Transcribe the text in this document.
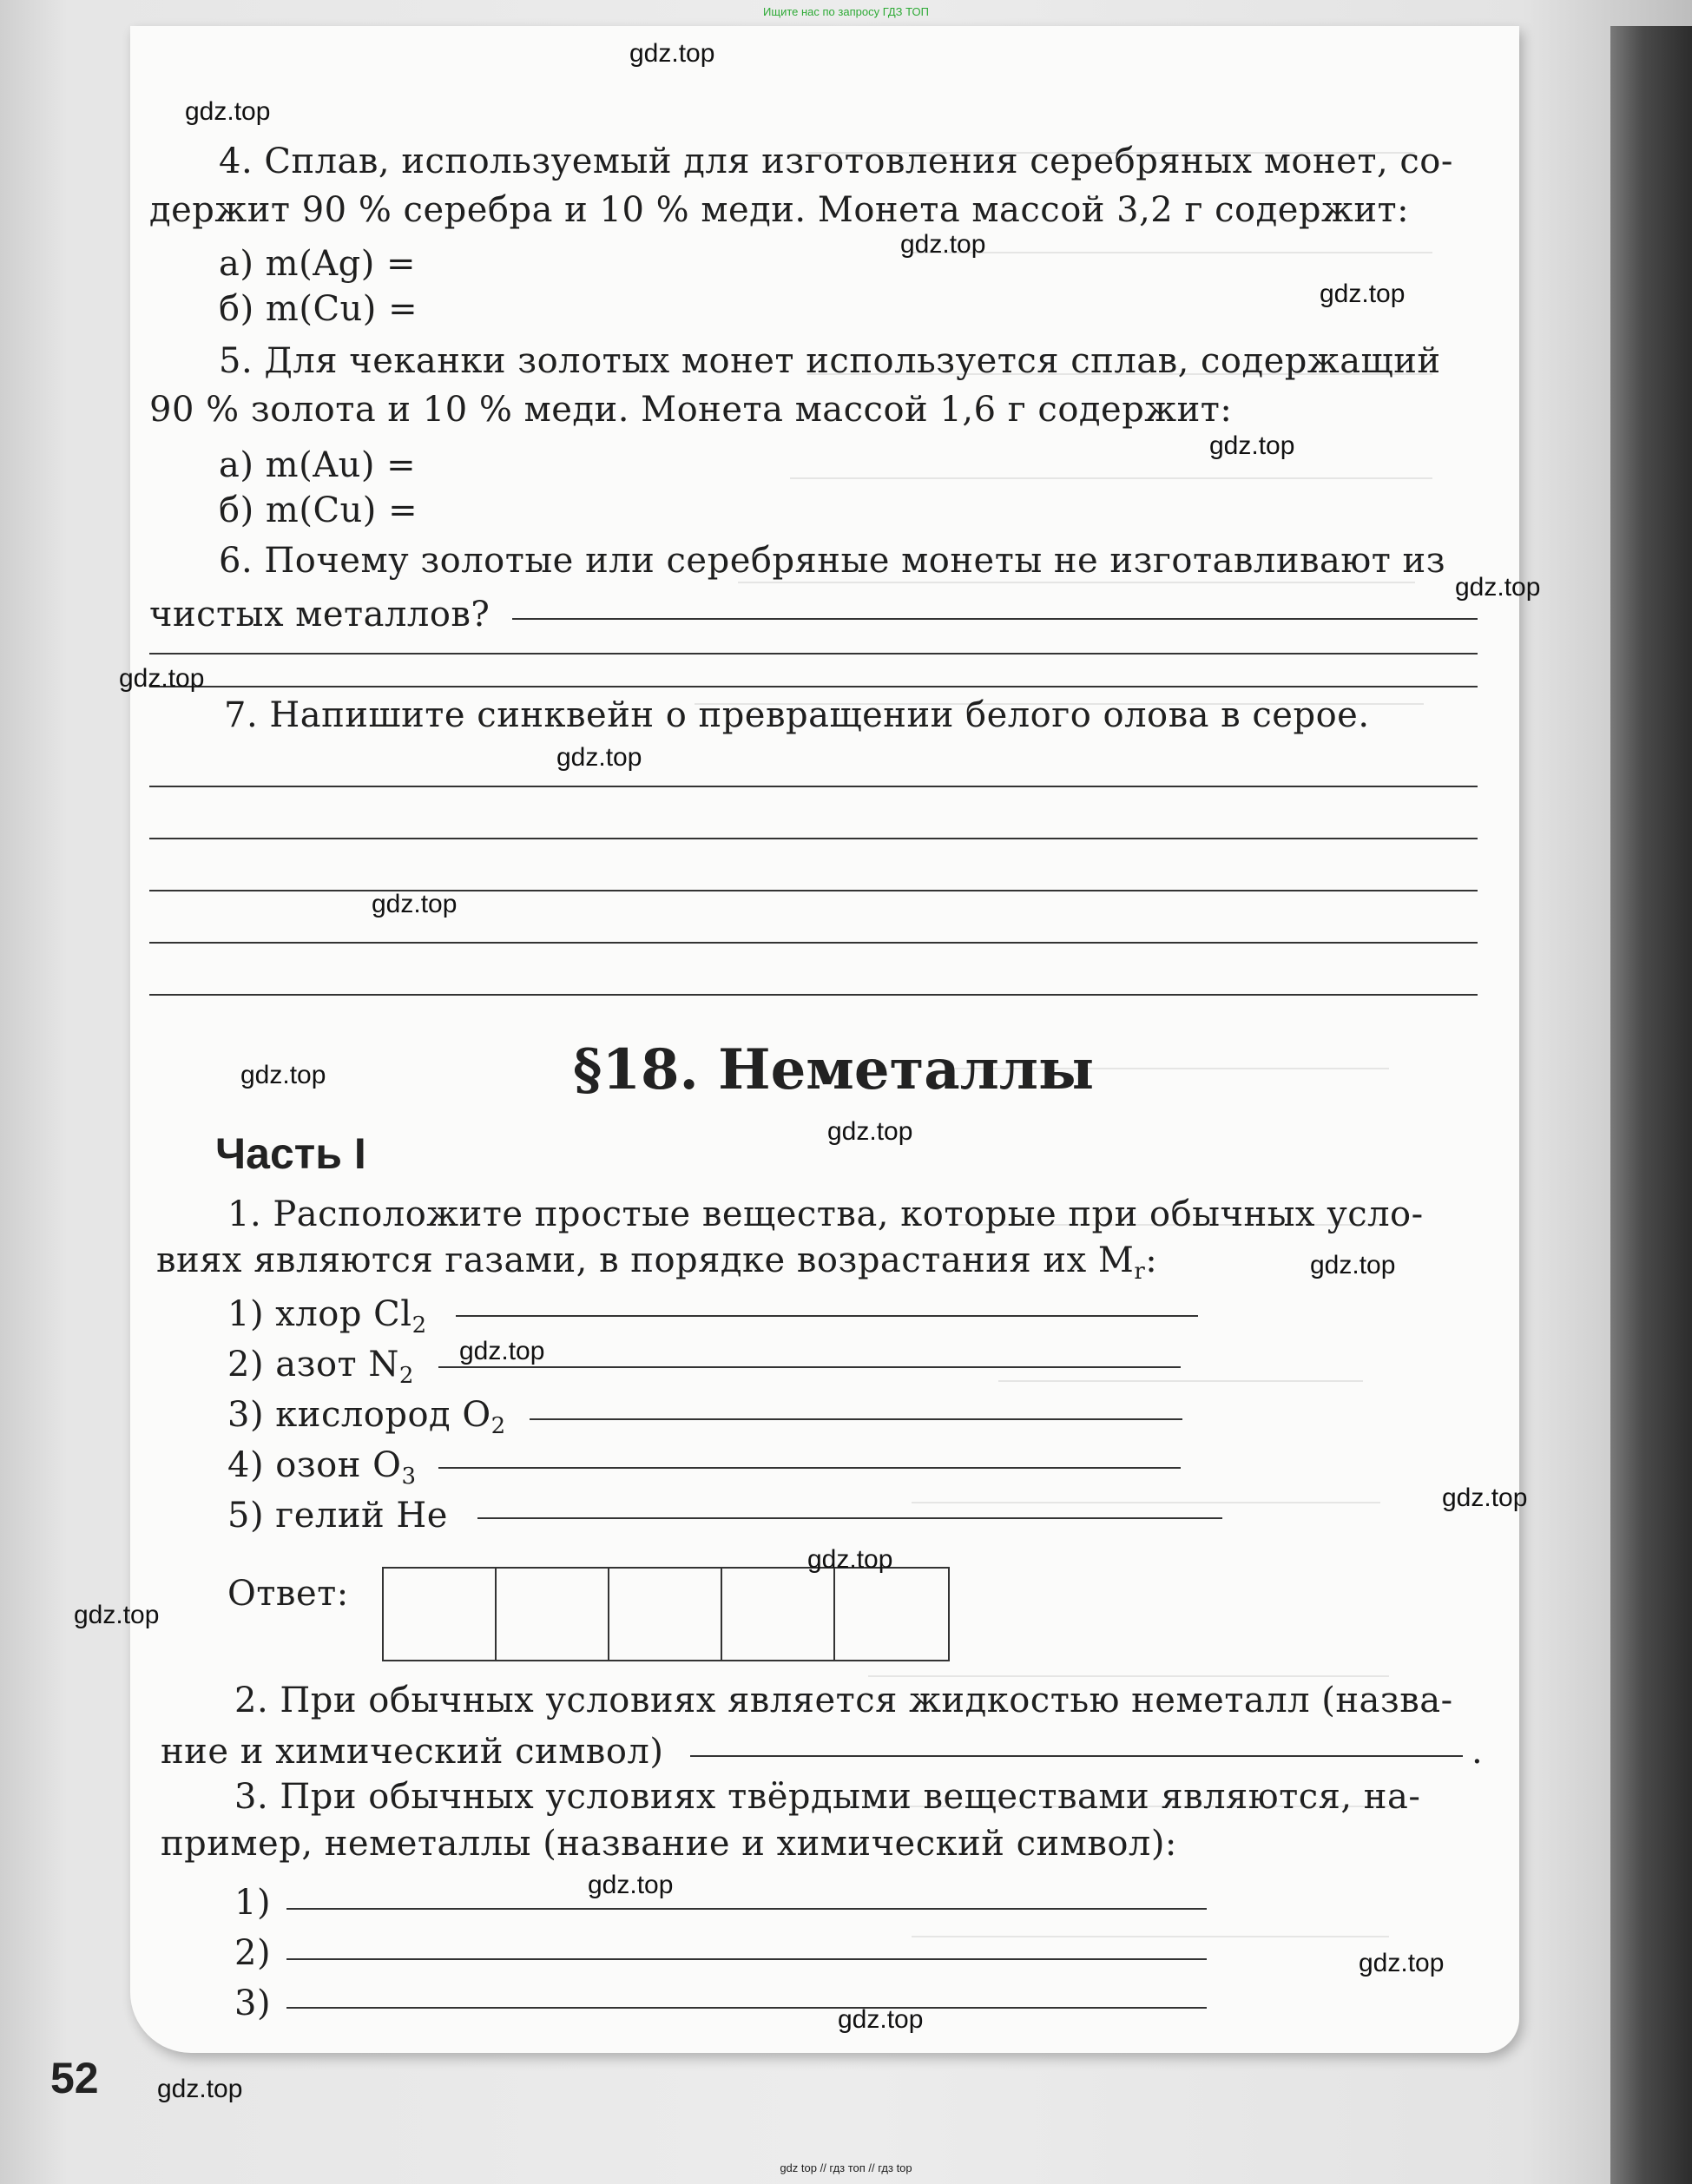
Ищите нас по запросу ГДЗ ТОП
4. Сплав, используемый для изготовления серебряных монет, со-
держит 90 % серебра и 10 % меди. Монета массой 3,2 г содержит:
а) m(Ag) =
б) m(Cu) =
5. Для чеканки золотых монет используется сплав, содержащий
90 % золота и 10 % меди. Монета массой 1,6 г содержит:
а) m(Au) =
б) m(Cu) =
6. Почему золотые или серебряные монеты не изготавливают из
чистых металлов?
7. Напишите синквейн о превращении белого олова в серое.
§18. Неметаллы
Часть I
1. Расположите простые вещества, которые при обычных усло-
виях являются газами, в порядке возрастания их $M_r$:
1) хлор $Cl_2$
2) азот $N_2$
3) кислород $O_2$
4) озон $O_3$
5) гелий He
Ответ:
2. При обычных условиях является жидкостью неметалл (назва-
ние и химический символ)	.
3. При обычных условиях твёрдыми веществами являются, на-
пример, неметаллы (название и химический символ):
1)
2)
3)
52
gdz.top
gdz.top
gdz.top
gdz.top
gdz.top
gdz.top
gdz.top
gdz.top
gdz.top
gdz.top
gdz.top
gdz.top
gdz.top
gdz.top
gdz.top
gdz.top
gdz.top
gdz.top
gdz.top
gdz.top
gdz top // гдз топ // гдз top
